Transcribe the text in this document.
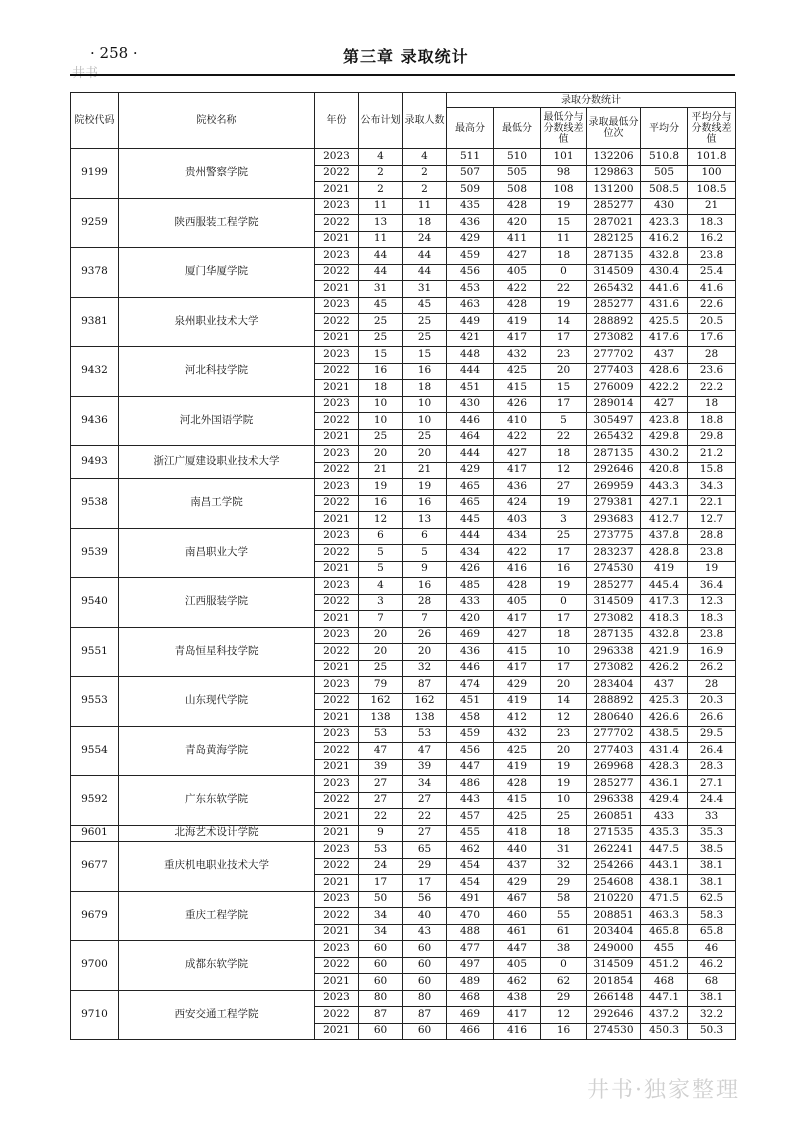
· 258 ·	第三章 录取统计
院校代码	院校名称	年份	公布计划	录取人数	录取分数统计					
					最高分	最低分	最低分与分数线差值	录取最低分位次	平均分	平均分与分数线差值
9199	贵州警察学院	2023	4	4	511	510	101	132206	510.8	101.8
		2022	2	2	507	505	98	129863	505	100
		2021	2	2	509	508	108	131200	508.5	108.5
9259	陕西服装工程学院	2023	11	11	435	428	19	285277	430	21
		2022	13	18	436	420	15	287021	423.3	18.3
		2021	11	24	429	411	11	282125	416.2	16.2
9378	厦门华厦学院	2023	44	44	459	427	18	287135	432.8	23.8
		2022	44	44	456	405	0	314509	430.4	25.4
		2021	31	31	453	422	22	265432	441.6	41.6
9381	泉州职业技术大学	2023	45	45	463	428	19	285277	431.6	22.6
		2022	25	25	449	419	14	288892	425.5	20.5
		2021	25	25	421	417	17	273082	417.6	17.6
9432	河北科技学院	2023	15	15	448	432	23	277702	437	28
		2022	16	16	444	425	20	277403	428.6	23.6
		2021	18	18	451	415	15	276009	422.2	22.2
9436	河北外国语学院	2023	10	10	430	426	17	289014	427	18
		2022	10	10	446	410	5	305497	423.8	18.8
		2021	25	25	464	422	22	265432	429.8	29.8
9493	浙江广厦建设职业技术大学	2023	20	20	444	427	18	287135	430.2	21.2
		2022	21	21	429	417	12	292646	420.8	15.8
9538	南昌工学院	2023	19	19	465	436	27	269959	443.3	34.3
		2022	16	16	465	424	19	279381	427.1	22.1
		2021	12	13	445	403	3	293683	412.7	12.7
9539	南昌职业大学	2023	6	6	444	434	25	273775	437.8	28.8
		2022	5	5	434	422	17	283237	428.8	23.8
		2021	5	9	426	416	16	274530	419	19
9540	江西服装学院	2023	4	16	485	428	19	285277	445.4	36.4
		2022	3	28	433	405	0	314509	417.3	12.3
		2021	7	7	420	417	17	273082	418.3	18.3
9551	青岛恒星科技学院	2023	20	26	469	427	18	287135	432.8	23.8
		2022	20	20	436	415	10	296338	421.9	16.9
		2021	25	32	446	417	17	273082	426.2	26.2
9553	山东现代学院	2023	79	87	474	429	20	283404	437	28
		2022	162	162	451	419	14	288892	425.3	20.3
		2021	138	138	458	412	12	280640	426.6	26.6
9554	青岛黄海学院	2023	53	53	459	432	23	277702	438.5	29.5
		2022	47	47	456	425	20	277403	431.4	26.4
		2021	39	39	447	419	19	269968	428.3	28.3
9592	广东东软学院	2023	27	34	486	428	19	285277	436.1	27.1
		2022	27	27	443	415	10	296338	429.4	24.4
		2021	22	22	457	425	25	260851	433	33
9601	北海艺术设计学院	2021	9	27	455	418	18	271535	435.3	35.3
9677	重庆机电职业技术大学	2023	53	65	462	440	31	262241	447.5	38.5
		2022	24	29	454	437	32	254266	443.1	38.1
		2021	17	17	454	429	29	254608	438.1	38.1
9679	重庆工程学院	2023	50	56	491	467	58	210220	471.5	62.5
		2022	34	40	470	460	55	208851	463.3	58.3
		2021	34	43	488	461	61	203404	465.8	65.8
9700	成都东软学院	2023	60	60	477	447	38	249000	455	46
		2022	60	60	497	405	0	314509	451.2	46.2
		2021	60	60	489	462	62	201854	468	68
9710	西安交通工程学院	2023	80	80	468	438	29	266148	447.1	38.1
		2022	87	87	469	417	12	292646	437.2	32.2
		2021	60	60	466	416	16	274530	450.3	50.3
井书·独家整理
